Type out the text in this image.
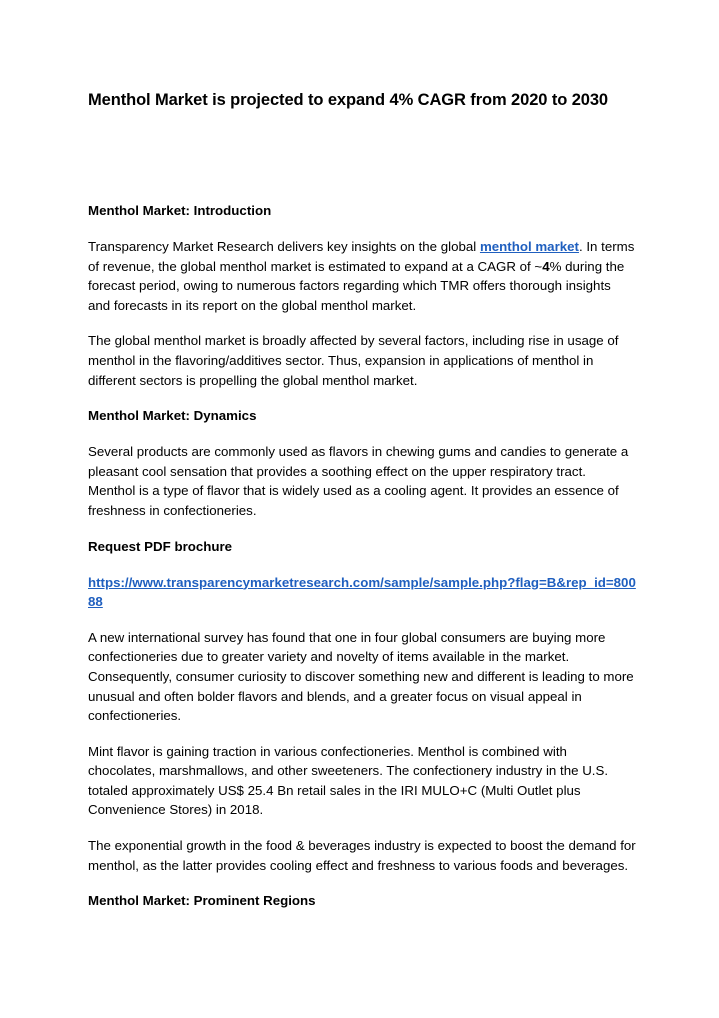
Menthol Market is projected to expand 4% CAGR from 2020 to 2030

Menthol Market: Introduction

Transparency Market Research delivers key insights on the global menthol market. In terms of revenue, the global menthol market is estimated to expand at a CAGR of ~4% during the forecast period, owing to numerous factors regarding which TMR offers thorough insights and forecasts in its report on the global menthol market.

The global menthol market is broadly affected by several factors, including rise in usage of menthol in the flavoring/additives sector. Thus, expansion in applications of menthol in different sectors is propelling the global menthol market.

Menthol Market: Dynamics

Several products are commonly used as flavors in chewing gums and candies to generate a pleasant cool sensation that provides a soothing effect on the upper respiratory tract. Menthol is a type of flavor that is widely used as a cooling agent. It provides an essence of freshness in confectioneries.

Request PDF brochure

https://www.transparencymarketresearch.com/sample/sample.php?flag=B&rep_id=80088

A new international survey has found that one in four global consumers are buying more confectioneries due to greater variety and novelty of items available in the market. Consequently, consumer curiosity to discover something new and different is leading to more unusual and often bolder flavors and blends, and a greater focus on visual appeal in confectioneries.

Mint flavor is gaining traction in various confectioneries. Menthol is combined with chocolates, marshmallows, and other sweeteners. The confectionery industry in the U.S. totaled approximately US$ 25.4 Bn retail sales in the IRI MULO+C (Multi Outlet plus Convenience Stores) in 2018.

The exponential growth in the food & beverages industry is expected to boost the demand for menthol, as the latter provides cooling effect and freshness to various foods and beverages.

Menthol Market: Prominent Regions
